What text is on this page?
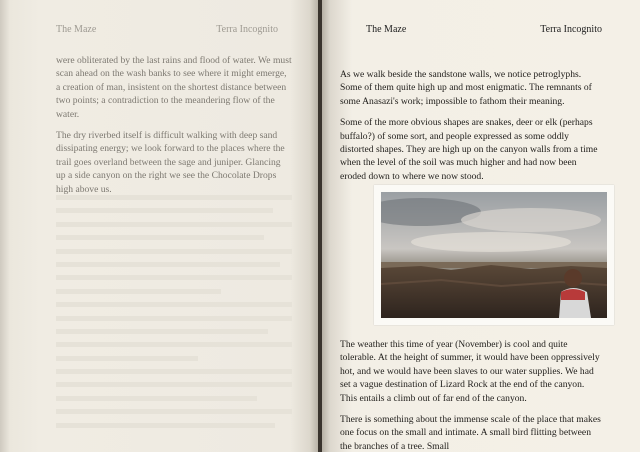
The Maze	Terra Incognito

were obliterated by the last rains and flood of water. We must scan ahead on the wash banks to see where it might emerge, a creation of man, insistent on the shortest distance between two points; a contradiction to the meandering flow of the water.

The dry riverbed itself is difficult walking with deep sand dissipating energy; we look forward to the places where the trail goes overland between the sage and juniper. Glancing up a side canyon on the right we see the Chocolate Drops high above us.

The Maze	Terra Incognito

As we walk beside the sandstone walls, we notice petroglyphs. Some of them quite high up and most enigmatic. The remnants of some Anasazi's work; impossible to fathom their meaning.

Some of the more obvious shapes are snakes, deer or elk (perhaps buffalo?) of some sort, and people expressed as some oddly distorted shapes. They are high up on the canyon walls from a time when the level of the soil was much higher and had now been eroded down to where we now stood.

The weather this time of year (November) is cool and quite tolerable. At the height of summer, it would have been oppressively hot, and we would have been slaves to our water supplies. We had set a vague destination of Lizard Rock at the end of the canyon. This entails a climb out of far end of the canyon.

There is something about the immense scale of the place that makes one focus on the small and intimate. A small bird flitting between the branches of a tree. Small
